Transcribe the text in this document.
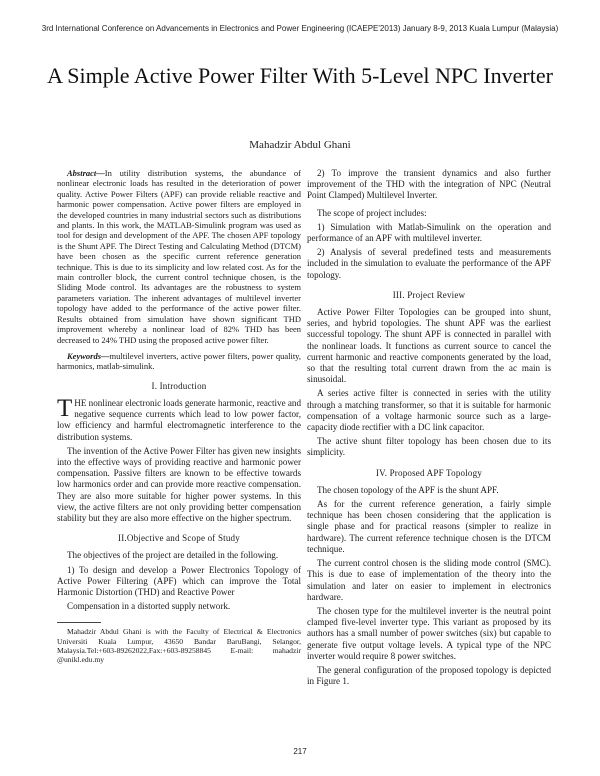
3rd International Conference on Advancements in Electronics and Power Engineering (ICAEPE'2013) January 8-9, 2013 Kuala Lumpur (Malaysia)
A Simple Active Power Filter With 5-Level NPC Inverter
Mahadzir Abdul Ghani

Abstract—In utility distribution systems, the abundance of nonlinear electronic loads has resulted in the deterioration of power quality. Active Power Filters (APF) can provide reliable reactive and harmonic power compensation. Active power filters are employed in the developed countries in many industrial sectors such as distributions and plants. In this work, the MATLAB-Simulink program was used as tool for design and development of the APF. The chosen APF topology is the Shunt APF. The Direct Testing and Calculating Method (DTCM) have been chosen as the specific current reference generation technique. This is due to its simplicity and low related cost. As for the main controller block, the current control technique chosen, is the Sliding Mode control. Its advantages are the robustness to system parameters variation. The inherent advantages of multilevel inverter topology have added to the performance of the active power filter. Results obtained from simulation have shown significant THD improvement whereby a nonlinear load of 82% THD has been decreased to 24% THD using the proposed active power filter.

Keywords—multilevel inverters, active power filters, power quality, harmonics, matlab-simulink.

I. Introduction

THE nonlinear electronic loads generate harmonic, reactive and negative sequence currents which lead to low power factor, low efficiency and harmful electromagnetic interference to the distribution systems.

The invention of the Active Power Filter has given new insights into the effective ways of providing reactive and harmonic power compensation. Passive filters are known to be effective towards low harmonics order and can provide more reactive compensation. They are also more suitable for higher power systems. In this view, the active filters are not only providing better compensation stability but they are also more effective on the higher spectrum.

II.Objective and Scope of Study

The objectives of the project are detailed in the following.

1) To design and develop a Power Electronics Topology of Active Power Filtering (APF) which can improve the Total Harmonic Distortion (THD) and Reactive Power

Compensation in a distorted supply network.

Mahadzir Abdul Ghani is with the Faculty of Electrical & Electronics Universiti Kuala Lumpur, 43650 Bandar BaruBangi, Selangor, Malaysia.Tel:+603-89262022,Fax:+603-89258845 E-mail: mahadzir @unikl.edu.my

2) To improve the transient dynamics and also further improvement of the THD with the integration of NPC (Neutral Point Clamped) Multilevel Inverter.

The scope of project includes:

1) Simulation with Matlab-Simulink on the operation and performance of an APF with multilevel inverter.

2) Analysis of several predefined tests and measurements included in the simulation to evaluate the performance of the APF topology.

III. Project Review

Active Power Filter Topologies can be grouped into shunt, series, and hybrid topologies. The shunt APF was the earliest successful topology. The shunt APF is connected in parallel with the nonlinear loads. It functions as current source to cancel the current harmonic and reactive components generated by the load, so that the resulting total current drawn from the ac main is sinusoidal.

A series active filter is connected in series with the utility through a matching transformer, so that it is suitable for harmonic compensation of a voltage harmonic source such as a large-capacity diode rectifier with a DC link capacitor.

The active shunt filter topology has been chosen due to its simplicity.

IV. Proposed APF Topology

The chosen topology of the APF is the shunt APF.

As for the current reference generation, a fairly simple technique has been chosen considering that the application is single phase and for practical reasons (simpler to realize in hardware). The current reference technique chosen is the DTCM technique.

The current control chosen is the sliding mode control (SMC). This is due to ease of implementation of the theory into the simulation and later on easier to implement in electronics hardware.

The chosen type for the multilevel inverter is the neutral point clamped five-level inverter type. This variant as proposed by its authors has a small number of power switches (six) but capable to generate five output voltage levels. A typical type of the NPC inverter would require 8 power switches.

The general configuration of the proposed topology is depicted in Figure 1.

217
